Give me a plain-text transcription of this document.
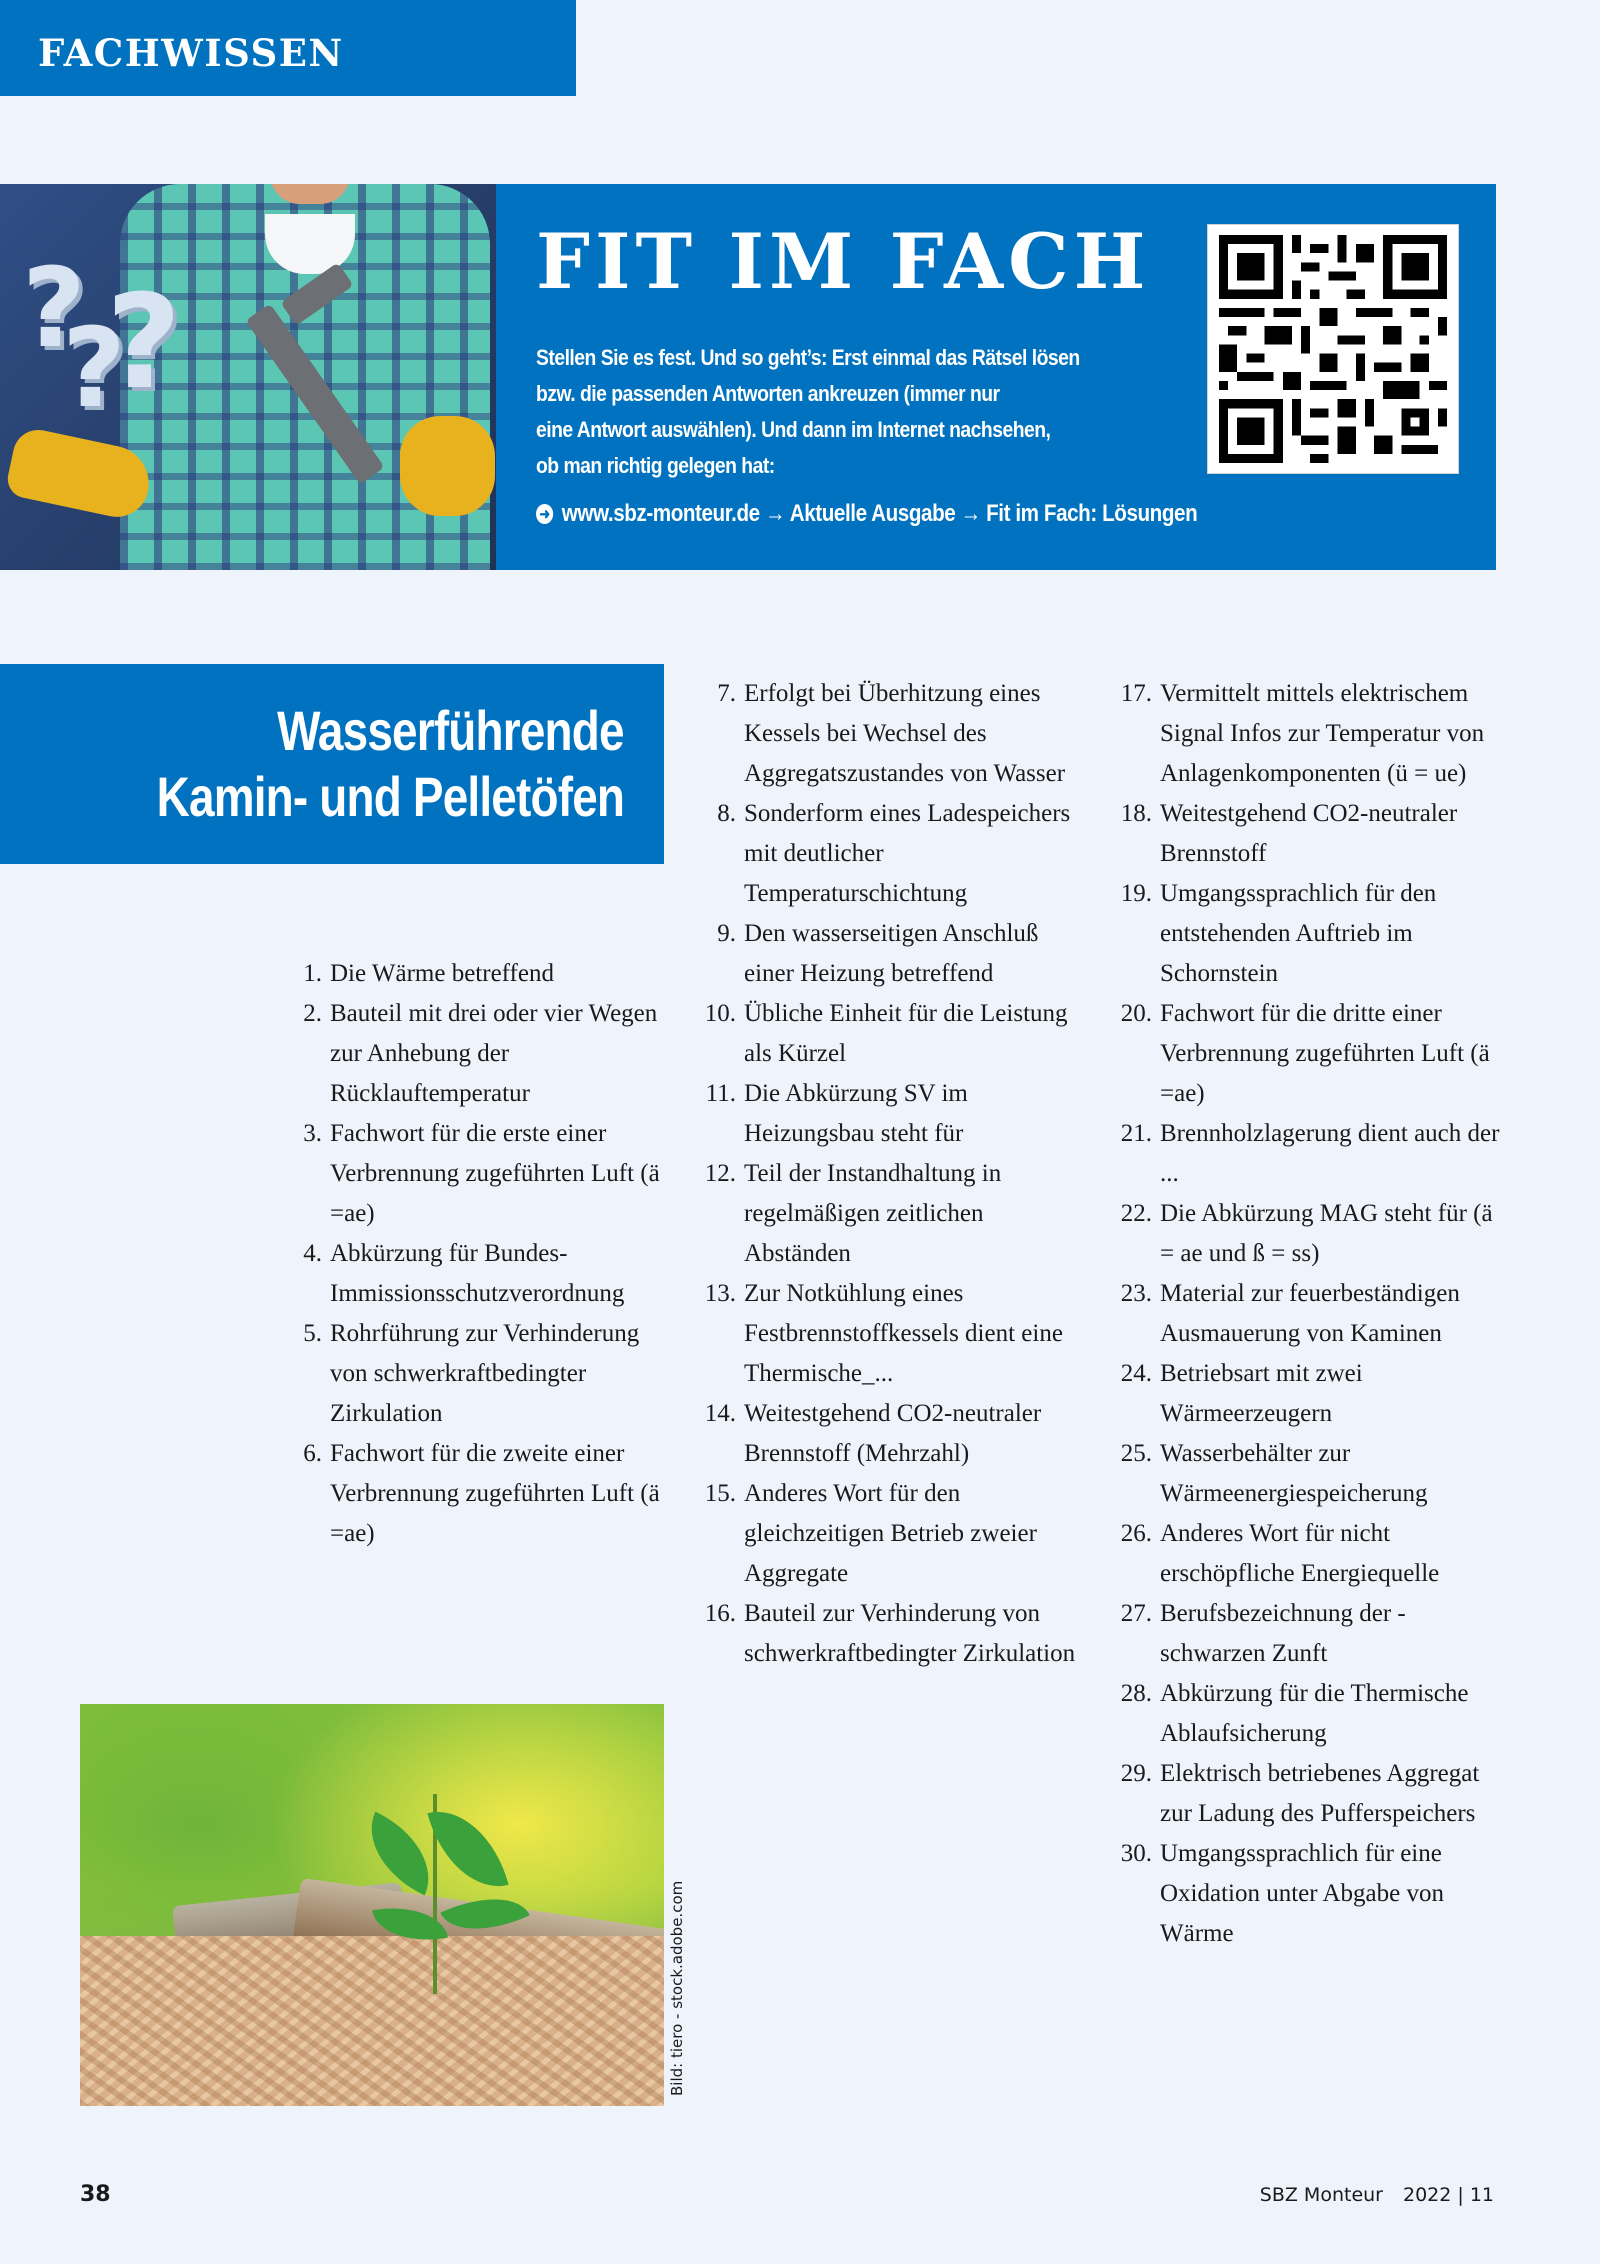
FACHWISSEN
?
?
?
FIT IM FACH

Stellen Sie es fest. Und so geht’s: Erst einmal das Rätsel lösen

bzw. die passenden Antworten ankreuzen (immer nur

eine Antwort auswählen). Und dann im Internet nachsehen,

ob man richtig gelegen hat:

➜ www.sbz-monteur.de → Aktuelle Ausgabe → Fit im Fach: Lösungen
Wasserführende
Kamin- und Pelletöfen
1. Die Wärme betreffend
2. Bauteil mit drei oder vier Wegen zur Anhebung der Rücklauftemperatur
3. Fachwort für die erste einer Verbrennung zugeführten Luft (ä =ae)
4. Abkürzung für Bundes-Immissionsschutzverordnung
5. Rohrführung zur Verhinderung von schwerkraftbedingter Zirkulation
6. Fachwort für die zweite einer Verbrennung zugeführten Luft (ä =ae)
7. Erfolgt bei Überhitzung eines Kessels bei Wechsel des Aggregatszustandes von Wasser
8. Sonderform eines Ladespeichers mit deutlicher Temperaturschichtung
9. Den wasserseitigen Anschluß einer Heizung betreffend
10. Übliche Einheit für die Leistung als Kürzel
11. Die Abkürzung SV im Heizungsbau steht für
12. Teil der Instandhaltung in regelmäßigen zeitlichen Abständen
13. Zur Notkühlung eines Festbrennstoffkessels dient eine Thermische_...
14. Weitestgehend CO2-neutraler Brennstoff (Mehrzahl)
15. Anderes Wort für den gleichzeitigen Betrieb zweier Aggregate
16. Bauteil zur Verhinderung von schwerkraftbedingter Zirkulation
17. Vermittelt mittels elektrischem Signal Infos zur Temperatur von Anlagenkomponenten (ü = ue)
18. Weitestgehend CO2-neutraler Brennstoff
19. Umgangssprachlich für den entstehenden Auftrieb im Schornstein
20. Fachwort für die dritte einer Verbrennung zugeführten Luft (ä =ae)
21. Brennholzlagerung dient auch der ...
22. Die Abkürzung MAG steht für (ä = ae und ß = ss)
23. Material zur feuerbeständigen Ausmauerung von Kaminen
24. Betriebsart mit zwei Wärmeerzeugern
25. Wasserbehälter zur Wärmeenergiespeicherung
26. Anderes Wort für nicht erschöpfliche Energiequelle
27. Berufsbezeichnung der -schwarzen Zunft
28. Abkürzung für die Thermische Ablaufsicherung
29. Elektrisch betriebenes Aggregat zur Ladung des Pufferspeichers
30. Umgangssprachlich für eine Oxidation unter Abgabe von Wärme
Bild: tiero - stock.adobe.com
38	SBZ Monteur 2022 | 11
